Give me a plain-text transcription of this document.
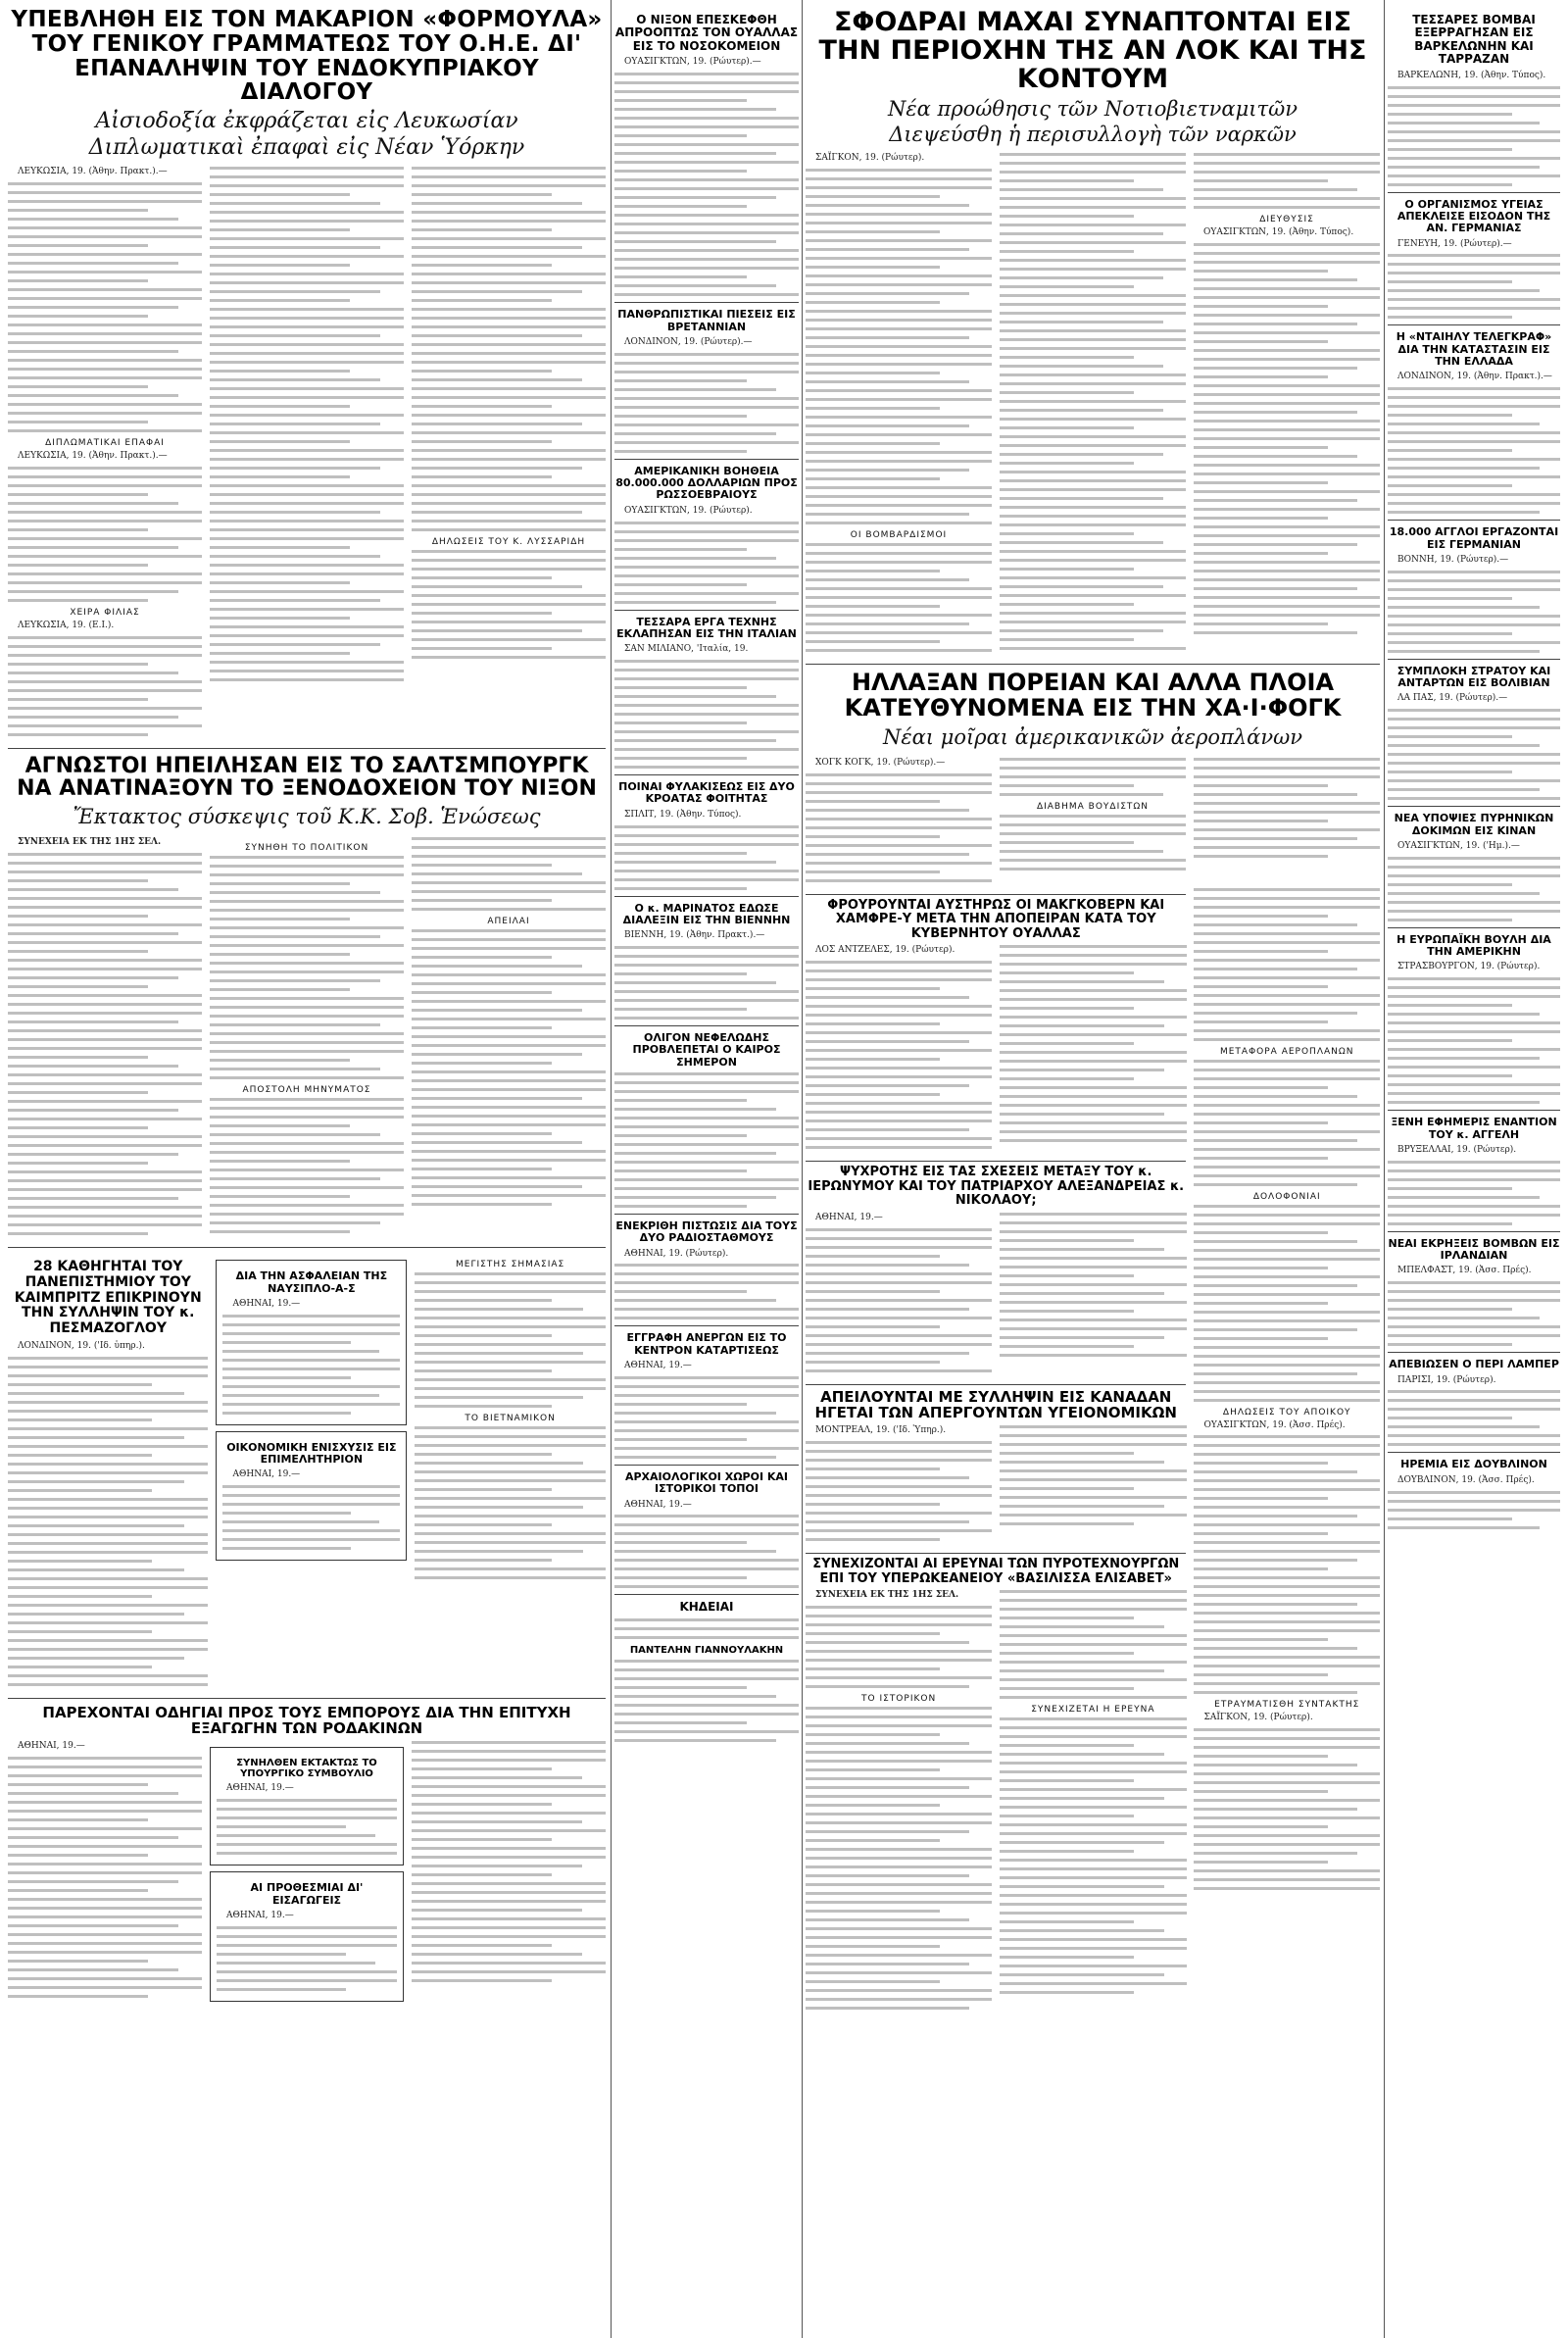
ΥΠΕΒΛΗΘΗ ΕΙΣ ΤΟΝ ΜΑΚΑΡΙΟΝ «ΦΟΡΜΟΥΛΑ» ΤΟΥ ΓΕΝΙΚΟΥ ΓΡΑΜΜΑΤΕΩΣ ΤΟΥ Ο.Η.Ε. ΔΙ' ΕΠΑΝΑΛΗΨΙΝ ΤΟΥ ΕΝΔΟΚΥΠΡΙΑΚΟΥ ΔΙΑΛΟΓΟΥ
Αἰσιοδοξία ἐκφράζεται εἰς Λευκωσίαν
Διπλωματικαὶ ἐπαφαὶ εἰς Νέαν Ὑόρκην

ΛΕΥΚΩΣΙΑ, 19. (Ἀθην. Πρακτ.).—

ΔΙΠΛΩΜΑΤΙΚΑΙ ΕΠΑΦΑΙ

ΛΕΥΚΩΣΙΑ, 19. (Ἀθην. Πρακτ.).—

ΧΕΙΡΑ ΦΙΛΙΑΣ

ΛΕΥΚΩΣΙΑ, 19. (Ε.Ι.).

ΔΗΛΩΣΕΙΣ ΤΟΥ Κ. ΛΥΣΣΑΡΙΔΗ
ΑΓΝΩΣΤΟΙ ΗΠΕΙΛΗΣΑΝ ΕΙΣ ΤΟ ΣΑΛΤΣΜΠΟΥΡΓΚ ΝΑ ΑΝΑΤΙΝΑΞΟΥΝ ΤΟ ΞΕΝΟΔΟΧΕΙΟΝ ΤΟΥ ΝΙΞΟΝ
Ἔκτακτος σύσκεψις τοῦ Κ.Κ. Σοβ. Ἑνώσεως

ΣΥΝΕΧΕΙΑ ΕΚ ΤΗΣ 1ΗΣ ΣΕΛ.

ΣΥΝΗΘΗ ΤΟ ΠΟΛΙΤΙΚΟΝ
ΑΠΟΣΤΟΛΗ ΜΗΝΥΜΑΤΟΣ
ΑΠΕΙΛΑΙ
28 ΚΑΘΗΓΗΤΑΙ ΤΟΥ ΠΑΝΕΠΙΣΤΗΜΙΟΥ ΤΟΥ ΚΑΙΜΠΡΙΤΖ ΕΠΙΚΡΙΝΟΥΝ ΤΗΝ ΣΥΛΛΗΨΙΝ ΤΟΥ κ. ΠΕΣΜΑΖΟΓΛΟΥ

ΛΟΝΔΙΝΟΝ, 19. ('Ιδ. ὑπηρ.).

ΔΙΑ ΤΗΝ ΑΣΦΑΛΕΙΑΝ ΤΗΣ ΝΑΥΣΙΠΛΟ-Α-Σ

ΑΘΗΝΑΙ, 19.—

ΟΙΚΟΝΟΜΙΚΗ ΕΝΙΣΧΥΣΙΣ ΕΙΣ ΕΠΙΜΕΛΗΤΗΡΙΟΝ

ΑΘΗΝΑΙ, 19.—

ΜΕΓΙΣΤΗΣ ΣΗΜΑΣΙΑΣ
ΤΟ ΒΙΕΤΝΑΜΙΚΟΝ
ΠΑΡΕΧΟΝΤΑΙ ΟΔΗΓΙΑΙ ΠΡΟΣ ΤΟΥΣ ΕΜΠΟΡΟΥΣ ΔΙΑ ΤΗΝ ΕΠΙΤΥΧΗ ΕΞΑΓΩΓΗΝ ΤΩΝ ΡΟΔΑΚΙΝΩΝ

ΑΘΗΝΑΙ, 19.—

ΣΥΝΗΛΘΕΝ ΕΚΤΑΚΤΩΣ ΤΟ ΥΠΟΥΡΓΙΚΟ ΣΥΜΒΟΥΛΙΟ

ΑΘΗΝΑΙ, 19.—

ΑΙ ΠΡΟΘΕΣΜΙΑΙ ΔΙ' ΕΙΣΑΓΩΓΕΙΣ

ΑΘΗΝΑΙ, 19.—

Ο ΝΙΞΟΝ ΕΠΕΣΚΕΦΘΗ ΑΠΡΟΟΠΤΩΣ ΤΟΝ ΟΥΑΛΛΑΣ ΕΙΣ ΤΟ ΝΟΣΟΚΟΜΕΙΟΝ

ΟΥΑΣΙΓΚΤΩΝ, 19. (Ρώυτερ).—

ΠΑΝΘΡΩΠΙΣΤΙΚΑΙ ΠΙΕΣΕΙΣ ΕΙΣ ΒΡΕΤΑΝΝΙΑΝ

ΛΟΝΔΙΝΟΝ, 19. (Ρώυτερ).—

ΑΜΕΡΙΚΑΝΙΚΗ ΒΟΗΘΕΙΑ 80.000.000 ΔΟΛΛΑΡΙΩΝ ΠΡΟΣ ΡΩΣΣΟΕΒΡΑΙΟΥΣ

ΟΥΑΣΙΓΚΤΩΝ, 19. (Ρώυτερ).

ΤΕΣΣΑΡΑ ΕΡΓΑ ΤΕΧΝΗΣ ΕΚΛΑΠΗΣΑΝ ΕΙΣ ΤΗΝ ΙΤΑΛΙΑΝ

ΣΑΝ ΜΙΛΙΑΝΟ, 'Ιταλία, 19.

ΠΟΙΝΑΙ ΦΥΛΑΚΙΣΕΩΣ ΕΙΣ ΔΥΟ ΚΡΟΑΤΑΣ ΦΟΙΤΗΤΑΣ

ΣΠΛΙΤ, 19. (Ἀθην. Τύπος).

Ο κ. ΜΑΡΙΝΑΤΟΣ ΕΔΩΣΕ ΔΙΑΛΕΞΙΝ ΕΙΣ ΤΗΝ ΒΙΕΝΝΗΝ

ΒΙΕΝΝΗ, 19. (Ἀθην. Πρακτ.).—

ΟΛΙΓΟΝ ΝΕΦΕΛΩΔΗΣ ΠΡΟΒΛΕΠΕΤΑΙ Ο ΚΑΙΡΟΣ ΣΗΜΕΡΟΝ
ΕΝΕΚΡΙΘΗ ΠΙΣΤΩΣΙΣ ΔΙΑ ΤΟΥΣ ΔΥΟ ΡΑΔΙΟΣΤΑΘΜΟΥΣ

ΑΘΗΝΑΙ, 19. (Ρώυτερ).

ΕΓΓΡΑΦΗ ΑΝΕΡΓΩΝ ΕΙΣ ΤΟ ΚΕΝΤΡΟΝ ΚΑΤΑΡΤΙΣΕΩΣ

ΑΘΗΝΑΙ, 19.—

ΑΡΧΑΙΟΛΟΓΙΚΟΙ ΧΩΡΟΙ ΚΑΙ ΙΣΤΟΡΙΚΟΙ ΤΟΠΟΙ

ΑΘΗΝΑΙ, 19.—

ΚΗΔΕΙΑΙ
ΠΑΝΤΕΛΗΝ ΓΙΑΝΝΟΥΛΑΚΗΝ
ΣΦΟΔΡΑΙ ΜΑΧΑΙ ΣΥΝΑΠΤΟΝΤΑΙ ΕΙΣ ΤΗΝ ΠΕΡΙΟΧΗΝ ΤΗΣ ΑΝ ΛΟΚ ΚΑΙ ΤΗΣ ΚΟΝΤΟΥΜ
Νέα προώθησις τῶν Νοτιοβιετναμιτῶν
Διεψεύσθη ἡ περισυλλογὴ τῶν ναρκῶν

ΣΑΪΓΚΟΝ, 19. (Ρώυτερ).

ΟΙ ΒΟΜΒΑΡΔΙΣΜΟΙ
ΔΙΕΥΘΥΣΙΣ

ΟΥΑΣΙΓΚΤΩΝ, 19. (Ἀθην. Τύπος).

ΗΛΛΑΞΑΝ ΠΟΡΕΙΑΝ ΚΑΙ ΑΛΛΑ ΠΛΟΙΑ ΚΑΤΕΥΘΥΝΟΜΕΝΑ ΕΙΣ ΤΗΝ ΧΑ·Ι·ΦΟΓΚ
Νέαι μοῖραι ἀμερικανικῶν ἀεροπλάνων

ΧΟΓΚ ΚΟΓΚ, 19. (Ρώυτερ).—

ΔΙΑΒΗΜΑ ΒΟΥΔΙΣΤΩΝ
ΦΡΟΥΡΟΥΝΤΑΙ ΑΥΣΤΗΡΩΣ ΟΙ ΜΑΚΓΚΟΒΕΡΝ ΚΑΙ ΧΑΜΦΡΕ-Υ ΜΕΤΑ ΤΗΝ ΑΠΟΠΕΙΡΑΝ ΚΑΤΑ ΤΟΥ ΚΥΒΕΡΝΗΤΟΥ ΟΥΑΛΛΑΣ

ΛΟΣ ΑΝΤΖΕΛΕΣ, 19. (Ρώυτερ).

ΨΥΧΡΟΤΗΣ ΕΙΣ ΤΑΣ ΣΧΕΣΕΙΣ ΜΕΤΑΞΥ ΤΟΥ κ. ΙΕΡΩΝΥΜΟΥ ΚΑΙ ΤΟΥ ΠΑΤΡΙΑΡΧΟΥ ΑΛΕΞΑΝΔΡΕΙΑΣ κ. ΝΙΚΟΛΑΟΥ;

ΑΘΗΝΑΙ, 19.—

ΑΠΕΙΛΟΥΝΤΑΙ ΜΕ ΣΥΛΛΗΨΙΝ ΕΙΣ ΚΑΝΑΔΑΝ ΗΓΕΤΑΙ ΤΩΝ ΑΠΕΡΓΟΥΝΤΩΝ ΥΓΕΙΟΝΟΜΙΚΩΝ

ΜΟΝΤΡΕΑΛ, 19. ('Ιδ. Ὑπηρ.).

ΣΥΝΕΧΙΖΟΝΤΑΙ ΑΙ ΕΡΕΥΝΑΙ ΤΩΝ ΠΥΡΟΤΕΧΝΟΥΡΓΩΝ ΕΠΙ ΤΟΥ ΥΠΕΡΩΚΕΑΝΕΙΟΥ «ΒΑΣΙΛΙΣΣΑ ΕΛΙΣΑΒΕΤ»

ΣΥΝΕΧΕΙΑ ΕΚ ΤΗΣ 1ΗΣ ΣΕΛ.

ΤΟ ΙΣΤΟΡΙΚΟΝ
ΣΥΝΕΧΙΖΕΤΑΙ Η ΕΡΕΥΝΑ
ΜΕΤΑΦΟΡΑ ΑΕΡΟΠΛΑΝΩΝ
ΔΟΛΟΦΟΝΙΑΙ
ΔΗΛΩΣΕΙΣ ΤΟΥ ΑΠΟΙΚΟΥ

ΟΥΑΣΙΓΚΤΩΝ, 19. (Ἀσσ. Πρές).

ΕΤΡΑΥΜΑΤΙΣΘΗ ΣΥΝΤΑΚΤΗΣ

ΣΑΪΓΚΟΝ, 19. (Ρώυτερ).

ΤΕΣΣΑΡΕΣ ΒΟΜΒΑΙ ΕΞΕΡΡΑΓΗΣΑΝ ΕΙΣ ΒΑΡΚΕΛΩΝΗΝ ΚΑΙ ΤΑΡΡΑΖΑΝ

ΒΑΡΚΕΛΩΝΗ, 19. (Ἀθην. Τύπος).

Ο ΟΡΓΑΝΙΣΜΟΣ ΥΓΕΙΑΣ ΑΠΕΚΛΕΙΣΕ ΕΙΣΟΔΟΝ ΤΗΣ ΑΝ. ΓΕΡΜΑΝΙΑΣ

ΓΕΝΕΥΗ, 19. (Ρώυτερ).—

Η «ΝΤΑΙΗΛΥ ΤΕΛΕΓΚΡΑΦ» ΔΙΑ ΤΗΝ ΚΑΤΑΣΤΑΣΙΝ ΕΙΣ ΤΗΝ ΕΛΛΑΔΑ

ΛΟΝΔΙΝΟΝ, 19. (Ἀθην. Πρακτ.).—

18.000 ΑΓΓΛΟΙ ΕΡΓΑΖΟΝΤΑΙ ΕΙΣ ΓΕΡΜΑΝΙΑΝ

ΒΟΝΝΗ, 19. (Ρώυτερ).—

ΣΥΜΠΛΟΚΗ ΣΤΡΑΤΟΥ ΚΑΙ ΑΝΤΑΡΤΩΝ ΕΙΣ ΒΟΛΙΒΙΑΝ

ΛΑ ΠΑΣ, 19. (Ρώυτερ).—

ΝΕΑ ΥΠΟΨΙΕΣ ΠΥΡΗΝΙΚΩΝ ΔΟΚΙΜΩΝ ΕΙΣ ΚΙΝΑΝ

ΟΥΑΣΙΓΚΤΩΝ, 19. ('Ημ.).—

Η ΕΥΡΩΠΑΪΚΗ ΒΟΥΛΗ ΔΙΑ ΤΗΝ ΑΜΕΡΙΚΗΝ

ΣΤΡΑΣΒΟΥΡΓΟΝ, 19. (Ρώυτερ).

ΞΕΝΗ ΕΦΗΜΕΡΙΣ ΕΝΑΝΤΙΟΝ ΤΟΥ κ. ΑΓΓΕΛΗ

ΒΡΥΞΕΛΛΑΙ, 19. (Ρώυτερ).

ΝΕΑΙ ΕΚΡΗΞΕΙΣ ΒΟΜΒΩΝ ΕΙΣ ΙΡΛΑΝΔΙΑΝ

ΜΠΕΛΦΑΣΤ, 19. (Ἀσσ. Πρές).

ΑΠΕΒΙΩΣΕΝ Ο ΠΕΡΙ ΛΑΜΠΕΡ

ΠΑΡΙΣΙ, 19. (Ρώυτερ).

ΗΡΕΜΙΑ ΕΙΣ ΔΟΥΒΛΙΝΟΝ

ΔΟΥΒΛΙΝΟΝ, 19. (Ἀσσ. Πρές).
